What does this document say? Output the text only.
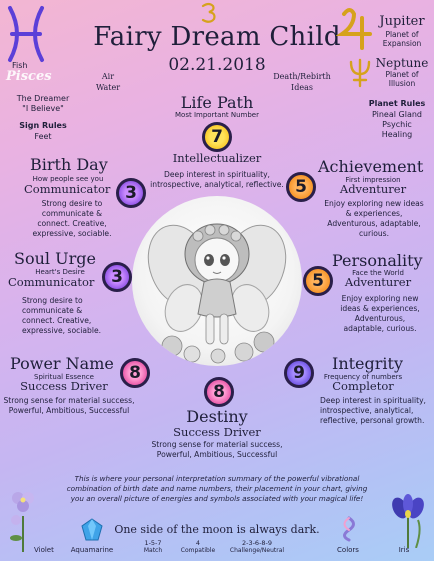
Fairy Dream Child
02.21.2018
Fish
Pisces
The Dreamer
"I Believe"
Sign Rules
Feet
Air
Water
Death/Rebirth
Ideas
Jupiter
Planet of
Expansion
Neptune
Planet of
Illusion
Planet Rules
Pineal Gland
Psychic
Healing
Life Path
Most Important Number
7
Intellectualizer
Deep interest in spirituality,
introspective, analytical, reflective.
Birth Day
How people see you
Communicator 3
Strong desire to
communicate &
connect. Creative,
expressive, sociable.
5
Achievement
First impression
Adventurer
Enjoy exploring new ideas
& experiences,
Adventurous, adaptable,
curious.
Soul Urge
Heart's Desire
Communicator 3
Strong desire to
communicate &
connect. Creative,
expressive, sociable.
5
Personality
Face the World
Adventurer
Enjoy exploring new
ideas & experiences,
Adventurous,
adaptable, curious.
Power Name
Spiritual Essence
Success Driver
8
Strong sense for material success,
Powerful, Ambitious, Successful
9	Integrity
Frequency of numbers
Completor
Deep interest in spirituality,
introspective, analytical,
reflective, personal growth.
8
Destiny
Success Driver
Strong sense for material success,
Powerful, Ambitious, Successful
This is where your personal interpretation summary of the powerful vibrational
combination of birth date and name numbers, their placement in your chart, giving
you an overall picture of energies and symbols associated with your magical life!
Violet Aquamarine
One side of the moon is always dark.
1-5-7
Match
4
Compatible
2-3-6-8-9
Challenge/Neutral	Colors	Iris
